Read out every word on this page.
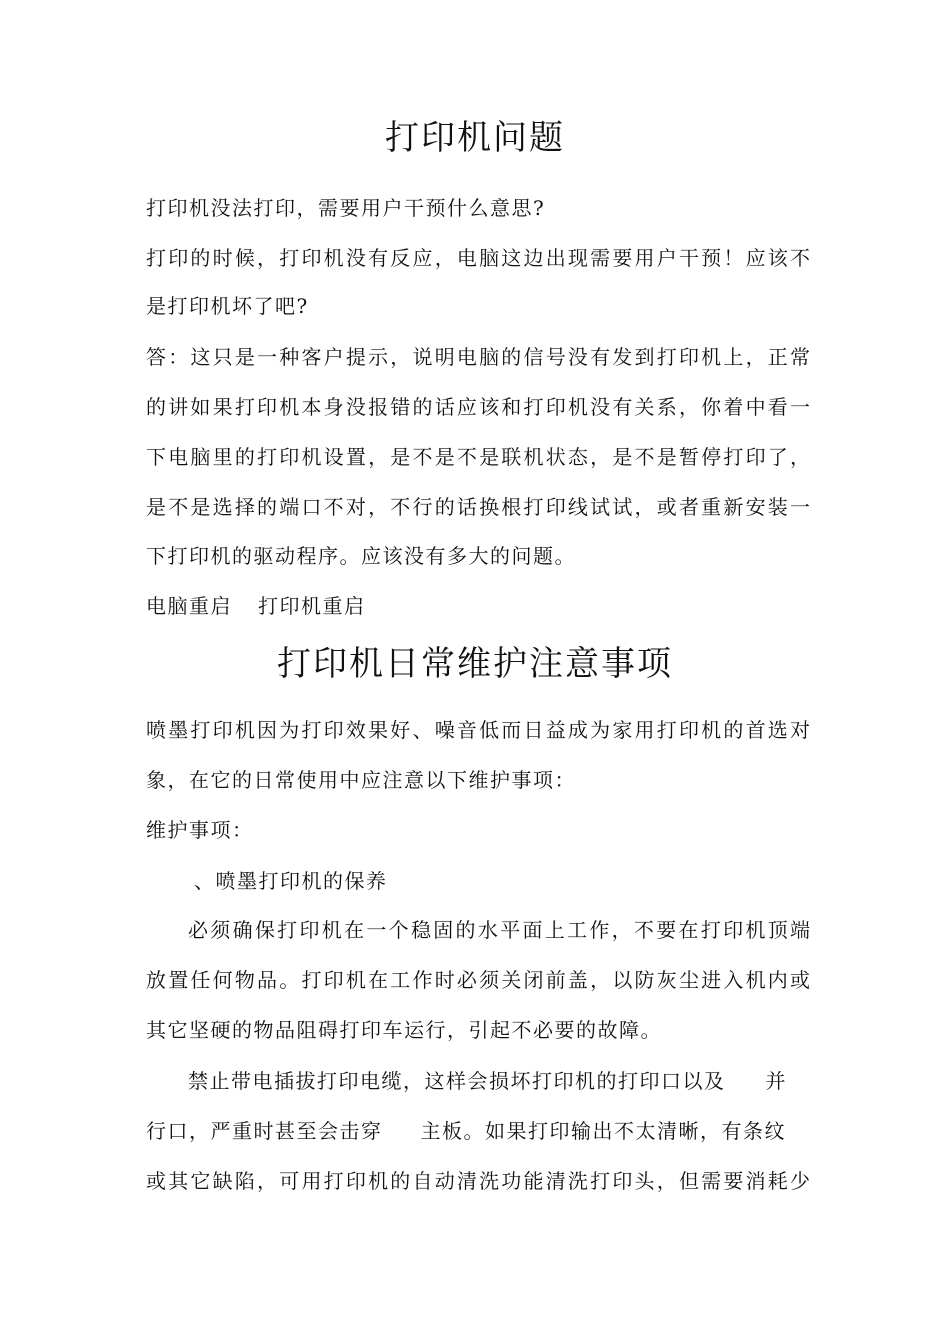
打印机问题

打印机没法打印，需要用户干预什么意思?

打印的时候，打印机没有反应，电脑这边出现需要用户干预！应该不

是打印机坏了吧?

答：这只是一种客户提示，说明电脑的信号没有发到打印机上，正常

的讲如果打印机本身没报错的话应该和打印机没有关系，你着中看一

下电脑里的打印机设置，是不是不是联机状态，是不是暂停打印了，

是不是选择的端口不对，不行的话换根打印线试试，或者重新安装一

下打印机的驱动程序。应该没有多大的问题。

电脑重启 打印机重启

打印机日常维护注意事项

喷墨打印机因为打印效果好、噪音低而日益成为家用打印机的首选对

象，在它的日常使用中应注意以下维护事项：

维护事项：

、喷墨打印机的保养

必须确保打印机在一个稳固的水平面上工作，不要在打印机顶端

放置任何物品。打印机在工作时必须关闭前盖，以防灰尘进入机内或

其它坚硬的物品阻碍打印车运行，引起不必要的故障。

禁止带电插拔打印电缆，这样会损坏打印机的打印口以及 并

行口，严重时甚至会击穿 主板。如果打印输出不太清晰，有条纹

或其它缺陷，可用打印机的自动清洗功能清洗打印头，但需要消耗少
